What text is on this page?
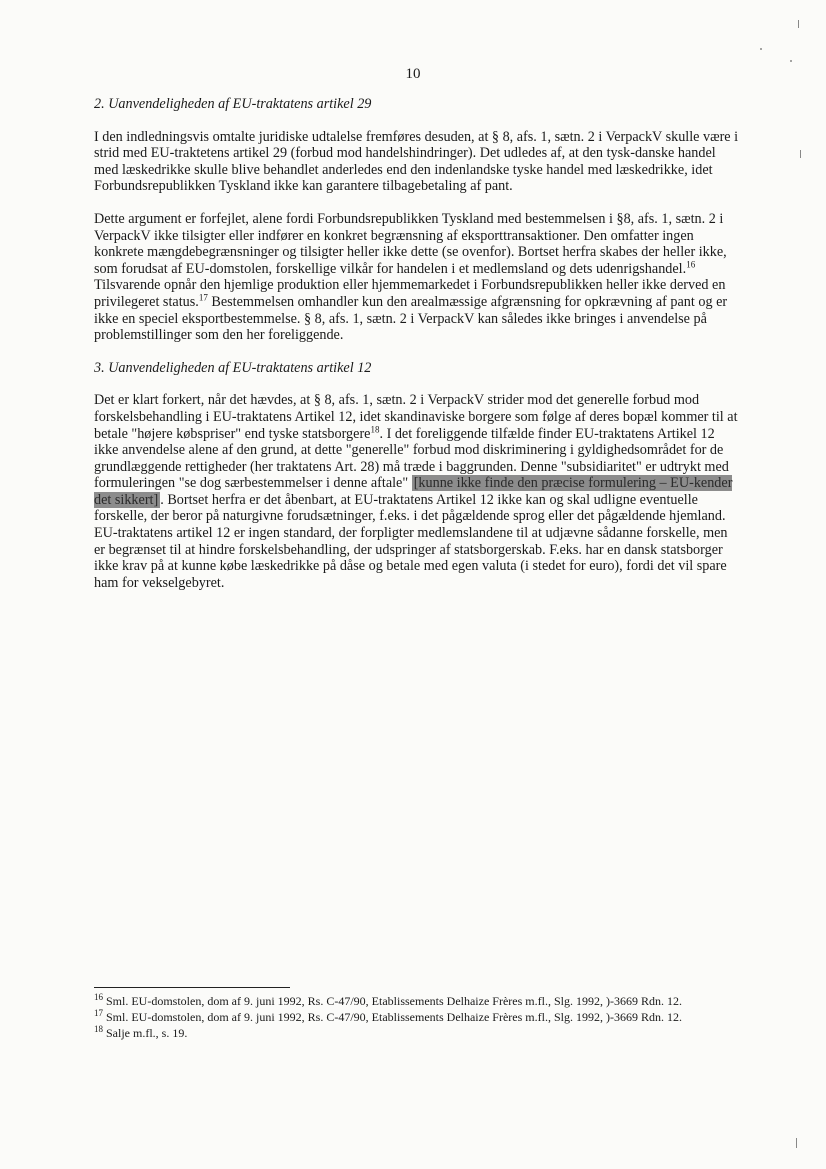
10

2. Uanvendeligheden af EU-traktatens artikel 29

I den indledningsvis omtalte juridiske udtalelse fremføres desuden, at § 8, afs. 1, sætn. 2 i VerpackV skulle være i strid med EU-traktetens artikel 29 (forbud mod handelshindringer). Det udledes af, at den tysk-danske handel med læskedrikke skulle blive behandlet anderledes end den indenlandske tyske handel med læskedrikke, idet Forbundsrepublikken Tyskland ikke kan garantere tilbagebetaling af pant.

Dette argument er forfejlet, alene fordi Forbundsrepublikken Tyskland med bestemmelsen i §8, afs. 1, sætn. 2 i VerpackV ikke tilsigter eller indfører en konkret begrænsning af eksporttransaktioner. Den omfatter ingen konkrete mængdebegrænsninger og tilsigter heller ikke dette (se ovenfor). Bortset herfra skabes der heller ikke, som forudsat af EU-domstolen, forskellige vilkår for handelen i et medlemsland og dets udenrigshandel.$^{16}$ Tilsvarende opnår den hjemlige produktion eller hjemmemarkedet i Forbundsrepublikken heller ikke derved en privilegeret status.$^{17}$ Bestemmelsen omhandler kun den arealmæssige afgrænsning for opkrævning af pant og er ikke en speciel eksportbestemmelse. § 8, afs. 1, sætn. 2 i VerpackV kan således ikke bringes i anvendelse på problemstillinger som den her foreliggende.

3. Uanvendeligheden af EU-traktatens artikel 12

Det er klart forkert, når det hævdes, at § 8, afs. 1, sætn. 2 i VerpackV strider mod det generelle forbud mod forskelsbehandling i EU-traktatens Artikel 12, idet skandinaviske borgere som følge af deres bopæl kommer til at betale "højere købspriser" end tyske statsborgere$^{18}$. I det foreliggende tilfælde finder EU-traktatens Artikel 12 ikke anvendelse alene af den grund, at dette "generelle" forbud mod diskriminering i gyldighedsområdet for de grundlæggende rettigheder (her traktatens Art. 28) må træde i baggrunden. Denne "subsidiaritet" er udtrykt med formuleringen "se dog særbestemmelser i denne aftale" [kunne ikke finde den præcise formulering – EU-kender det sikkert] . Bortset herfra er det åbenbart, at EU-traktatens Artikel 12 ikke kan og skal udligne eventuelle forskelle, der beror på naturgivne forudsætninger, f.eks. i det pågældende sprog eller det pågældende hjemland. EU-traktatens artikel 12 er ingen standard, der forpligter medlemslandene til at udjævne sådanne forskelle, men er begrænset til at hindre forskelsbehandling, der udspringer af statsborgerskab. F.eks. har en dansk statsborger ikke krav på at kunne købe læskedrikke på dåse og betale med egen valuta (i stedet for euro), fordi det vil spare ham for vekselgebyret.

$^{16}$ Sml. EU-domstolen, dom af 9. juni 1992, Rs. C-47/90, Etablissements Delhaize Frères m.fl., Slg. 1992, )-3669 Rdn. 12.

$^{17}$ Sml. EU-domstolen, dom af 9. juni 1992, Rs. C-47/90, Etablissements Delhaize Frères m.fl., Slg. 1992, )-3669 Rdn. 12.

$^{18}$ Salje m.fl., s. 19.
